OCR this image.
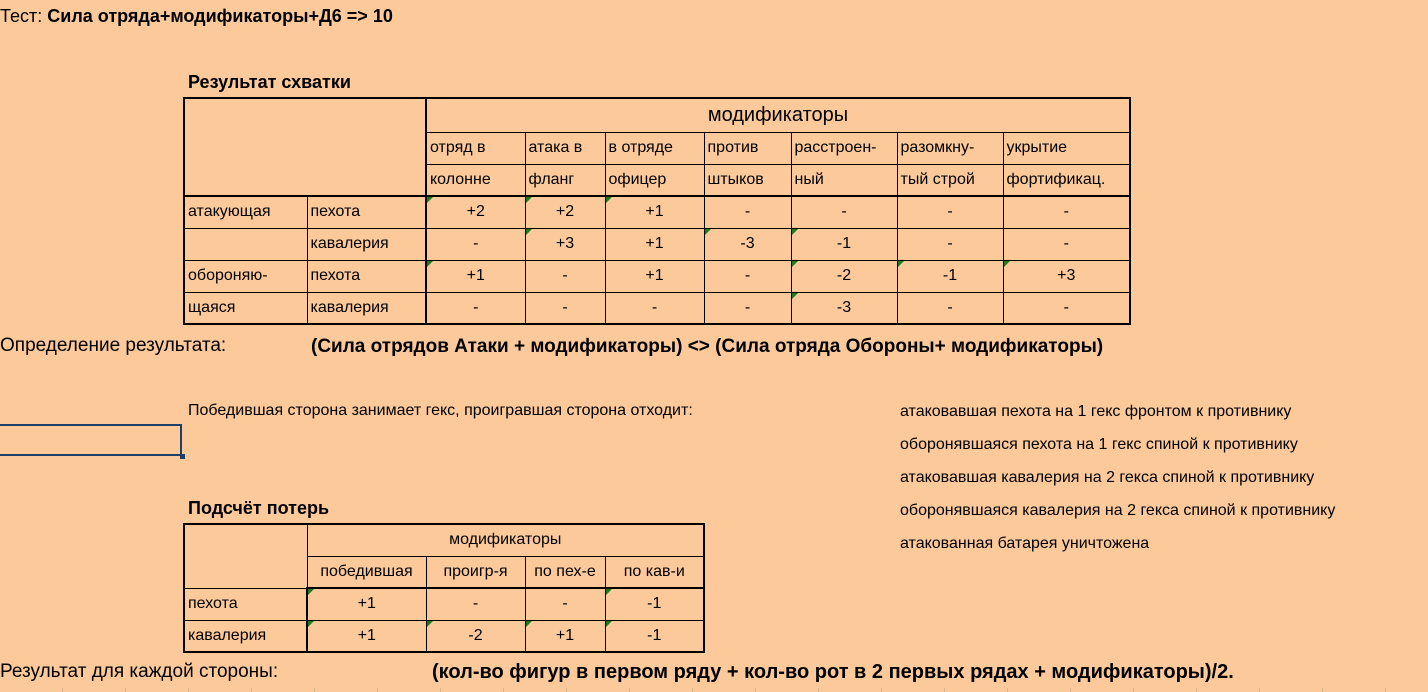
Тест: Сила отряда+модификаторы+Д6 => 10
Результат схватки
		модификаторы						
		отряд в	атака в	в отряде	против	расстроен-	разомкну-	укрытие
		колонне	фланг	офицер	штыков	ный	тый строй	фортификац.
атакующая	пехота	+2	+2	+1	-	-	-	-
	кавалерия	-	+3	+1	-3	-1	-	-
обороняю-	пехота	+1	-	+1	-	-2	-1	+3
щаяся	кавалерия	-	-	-	-	-3	-	-
Определение результата:	(Сила отрядов Атаки + модификаторы) <> (Сила отряда Обороны+ модификаторы)
Победившая сторона занимает гекс, проигравшая сторона отходит:	атаковавшая пехота на 1 гекс фронтом к противнику
оборонявшаяся пехота на 1 гекс спиной к противнику
атаковавшая кавалерия на 2 гекса спиной к противнику
оборонявшаяся кавалерия на 2 гекса спиной к противнику
атакованная батарея уничтожена
Подсчёт потерь
	модификаторы			
	победившая	проигр-я	по пех-е	по кав-и
пехота	+1	-	-	-1
кавалерия	+1	-2	+1	-1
Результат для каждой стороны:	(кол-во фигур в первом ряду + кол-во рот в 2 первых рядах + модификаторы)/2.
